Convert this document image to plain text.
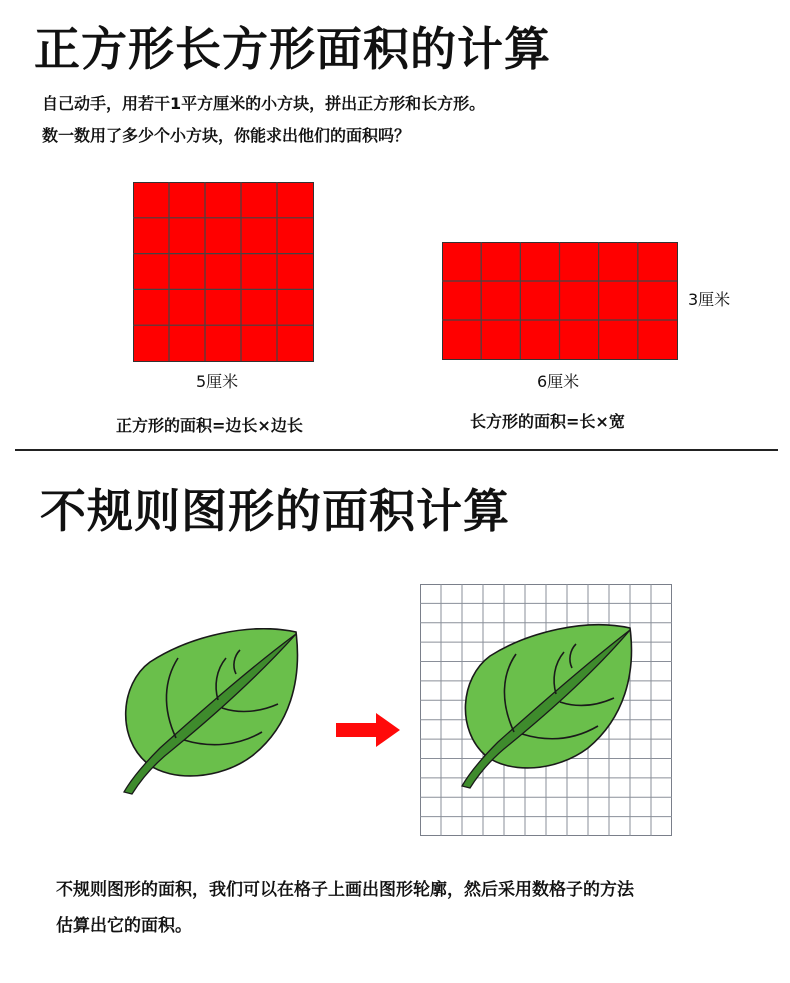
正方形长方形面积的计算
自己动手，用若干1平方厘米的小方块，拼出正方形和长方形。
数一数用了多少个小方块，你能求出他们的面积吗？
5厘米
正方形的面积=边长×边长
3厘米
6厘米
长方形的面积=长×宽
不规则图形的面积计算
不规则图形的面积，我们可以在格子上画出图形轮廓，然后采用数格子的方法
估算出它的面积。
